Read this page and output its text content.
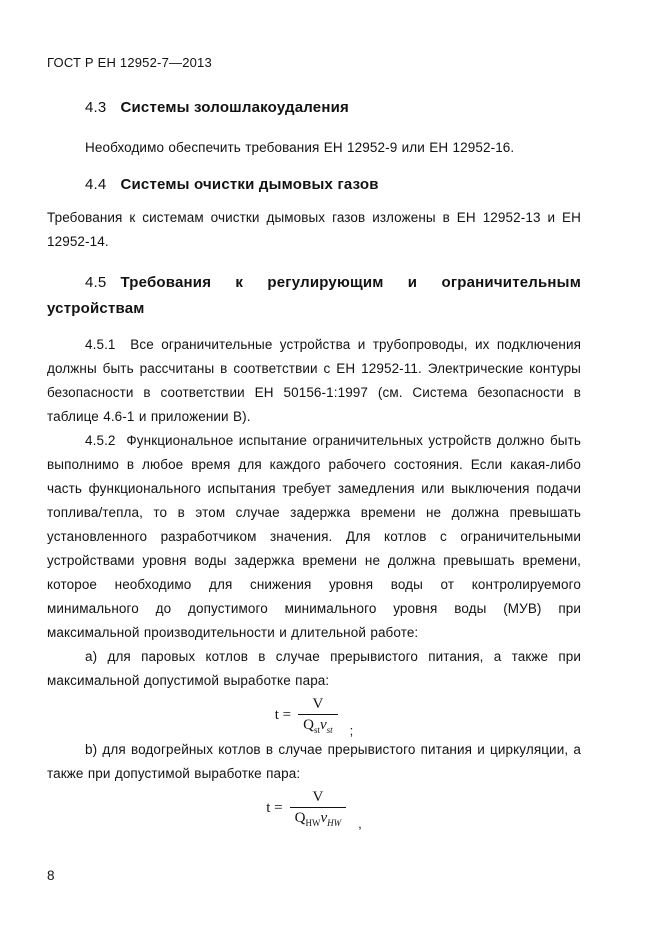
ГОСТ Р ЕН 12952-7—2013
4.3 Системы золошлакоудаления

Необходимо обеспечить требования ЕН 12952-9 или ЕН 12952-16.

4.4 Системы очистки дымовых газов

Требования к системам очистки дымовых газов изложены в ЕН 12952-13 и ЕН 12952-14.

4.5 Требования к регулирующим и ограничительным устройствам

4.5.1  Все ограничительные устройства и трубопроводы, их подключения должны быть рассчитаны в соответствии с ЕН 12952-11. Электрические контуры безопасности в соответствии ЕН 50156-1:1997 (см. Система безопасности в таблице 4.6-1 и приложении В).

4.5.2  Функциональное испытание ограничительных устройств должно быть выполнимо в любое время для каждого рабочего состояния. Если какая-либо часть функционального испытания требует замедления или выключения подачи топлива/тепла, то в этом случае задержка времени не должна превышать установленного разработчиком значения. Для котлов с ограничительными устройствами уровня воды задержка времени не должна превышать времени, которое необходимо для снижения уровня воды от контролируемого минимального до допустимого минимального уровня воды (МУВ) при максимальной производительности и длительной работе:

а) для паровых котлов в случае прерывистого питания, а также при максимальной допустимой выработке пара:

$t = \frac{V}{Q_{st}\nu_{st}}$ ;

b) для водогрейных котлов в случае прерывистого питания и циркуляции, а также при допустимой выработке пара:

$t = \frac{V}{Q_{HW}\nu_{HW}}$ ,
8
